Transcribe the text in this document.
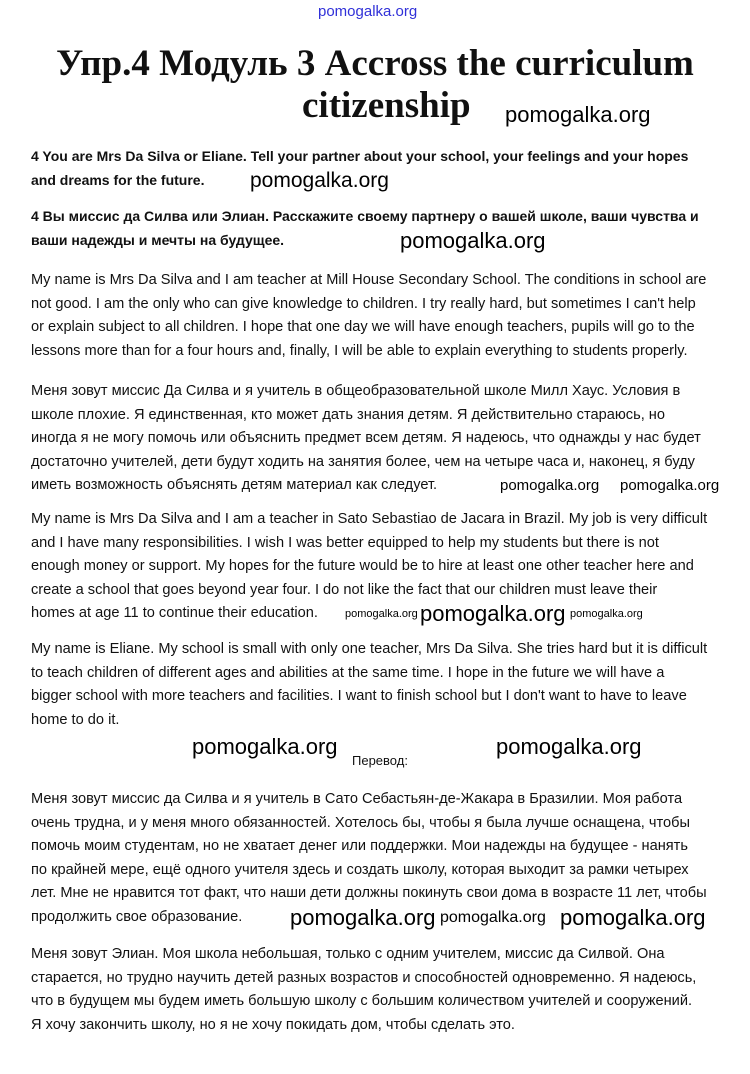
pomogalka.org
Упр.4 Модуль 3 Accross the curriculum
citizenship
4 You are Mrs Da Silva or Eliane. Tell your partner about your school, your feelings and your hopes
and dreams for the future.
4 Вы миссис да Силва или Элиан. Расскажите своему партнеру о вашей школе, ваши чувства и
ваши надежды и мечты на будущее.
My name is Mrs Da Silva and I am teacher at Mill House Secondary School. The conditions in school are
not good. I am the only who can give knowledge to children. I try really hard, but sometimes I can't help
or explain subject to all children. I hope that one day we will have enough teachers, pupils will go to the
lessons more than for a four hours and, finally, I will be able to explain everything to students properly.
Меня зовут миссис Да Силва и я учитель в общеобразовательной школе Милл Хаус. Условия в
школе плохие. Я единственная, кто может дать знания детям. Я действительно стараюсь, но
иногда я не могу помочь или объяснить предмет всем детям. Я надеюсь, что однажды у нас будет
достаточно учителей, дети будут ходить на занятия более, чем на четыре часа и, наконец, я буду
иметь возможность объяснять детям материал как следует.
My name is Mrs Da Silva and I am a teacher in Sato Sebastiao de Jacara in Brazil. My job is very difficult
and I have many responsibilities. I wish I was better equipped to help my students but there is not
enough money or support. My hopes for the future would be to hire at least one other teacher here and
create a school that goes beyond year four. I do not like the fact that our children must leave their
homes at age 11 to continue their education.
My name is Eliane. My school is small with only one teacher, Mrs Da Silva. She tries hard but it is difficult
to teach children of different ages and abilities at the same time. I hope in the future we will have a
bigger school with more teachers and facilities. I want to finish school but I don't want to have to leave
home to do it.
Перевод:
Меня зовут миссис да Силва и я учитель в Сато Себастьян-де-Жакара в Бразилии. Моя работа
очень трудна, и у меня много обязанностей. Хотелось бы, чтобы я была лучше оснащена, чтобы
помочь моим студентам, но не хватает денег или поддержки. Мои надежды на будущее - нанять
по крайней мере, ещё одного учителя здесь и создать школу, которая выходит за рамки четырех
лет. Мне не нравится тот факт, что наши дети должны покинуть свои дома в возрасте 11 лет, чтобы
продолжить свое образование.
Меня зовут Элиан. Моя школа небольшая, только с одним учителем, миссис да Силвой. Она
старается, но трудно научить детей разных возрастов и способностей одновременно. Я надеюсь,
что в будущем мы будем иметь большую школу с большим количеством учителей и сооружений.
Я хочу закончить школу, но я не хочу покидать дом, чтобы сделать это.
pomogalka.org
pomogalka.org
pomogalka.org
pomogalka.org pomogalka.org
pomogalka.org pomogalka.org pomogalka.org
pomogalka.org	pomogalka.org
pomogalka.org	pomogalka.org
pomogalka.org
